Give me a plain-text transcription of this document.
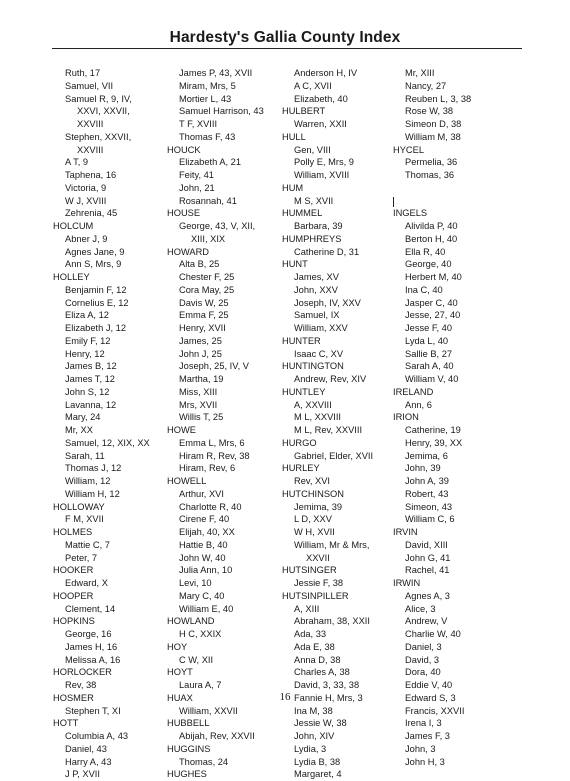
Hardesty's Gallia County Index
Ruth, 17
Samuel, VII
Samuel R, 9, IV,
XXVI, XXVII,
XXVIII
Stephen, XXVII,
XXVIII
A T, 9
Taphena, 16
Victoria, 9
W J, XVIII
Zehrenia, 45
HOLCUM
Abner J, 9
Agnes Jane, 9
Ann S, Mrs, 9
HOLLEY
Benjamin F, 12
Cornelius E, 12
Eliza A, 12
Elizabeth J, 12
Emily F, 12
Henry, 12
James B, 12
James T, 12
John S, 12
Lavanna, 12
Mary, 24
Mr, XX
Samuel, 12, XIX, XX
Sarah, 11
Thomas J, 12
William, 12
William H, 12
HOLLOWAY
F M, XVII
HOLMES
Mattie C, 7
Peter, 7
HOOKER
Edward, X
HOOPER
Clement, 14
HOPKINS
George, 16
James H, 16
Melissa A, 16
HORLOCKER
Rev, 38
HOSMER
Stephen T, XI
HOTT
Columbia A, 43
Daniel, 43
Harry A, 43
J P, XVII
James P, 43, XVII
Miram, Mrs, 5
Mortier L, 43
Samuel Harrison, 43
T F, XVIII
Thomas F, 43
HOUCK
Elizabeth A, 21
Feity, 41
John, 21
Rosannah, 41
HOUSE
George, 43, V, XII,
XIII, XIX
HOWARD
Alta B, 25
Chester F, 25
Cora May, 25
Davis W, 25
Emma F, 25
Henry, XVII
James, 25
John J, 25
Joseph, 25, IV, V
Martha, 19
Miss, XIII
Mrs, XVII
Willis T, 25
HOWE
Emma L, Mrs, 6
Hiram R, Rev, 38
Hiram, Rev, 6
HOWELL
Arthur, XVI
Charlotte R, 40
Cirene F, 40
Elijah, 40, XX
Hattie B, 40
John W, 40
Julia Ann, 10
Levi, 10
Mary C, 40
William E, 40
HOWLAND
H C, XXIX
HOY
C W, XII
HOYT
Laura A, 7
HUAX
William, XXVII
HUBBELL
Abijah, Rev, XXVII
HUGGINS
Thomas, 24
HUGHES
Anderson H, IV
A C, XVII
Elizabeth, 40
HULBERT
Warren, XXII
HULL
Gen, VIII
Polly E, Mrs, 9
William, XVIII
HUM
M S, XVII
HUMMEL
Barbara, 39
HUMPHREYS
Catherine D, 31
HUNT
James, XV
John, XXV
Joseph, IV, XXV
Samuel, IX
William, XXV
HUNTER
Isaac C, XV
HUNTINGTON
Andrew, Rev, XIV
HUNTLEY
A, XXVIII
M L, XXVIII
M L, Rev, XXVIII
HURGO
Gabriel, Elder, XVII
HURLEY
Rev, XVI
HUTCHINSON
Jemima, 39
L D, XXV
W H, XVII
William, Mr & Mrs,
XXVII
HUTSINGER
Jessie F, 38
HUTSINPILLER
A, XIII
Abraham, 38, XXII
Ada, 33
Ada E, 38
Anna D, 38
Charles A, 38
David, 3, 33, 38
Fannie H, Mrs, 3
Ina M, 38
Jessie W, 38
John, XIV
Lydia, 3
Lydia B, 38
Margaret, 4
Mr, XIII
Nancy, 27
Reuben L, 3, 38
Rose W, 38
Simeon D, 38
William M, 38
HYCEL
Permelia, 36
Thomas, 36

INGELS
Alivilda P, 40
Berton H, 40
Ella R, 40
George, 40
Herbert M, 40
Ina C, 40
Jasper C, 40
Jesse, 27, 40
Jesse F, 40
Lyda L, 40
Sallie B, 27
Sarah A, 40
William V, 40
IRELAND
Ann, 6
IRION
Catherine, 19
Henry, 39, XX
Jemima, 6
John, 39
John A, 39
Robert, 43
Simeon, 43
William C, 6
IRVIN
David, XIII
John G, 41
Rachel, 41
IRWIN
Agnes A, 3
Alice, 3
Andrew, V
Charlie W, 40
Daniel, 3
David, 3
Dora, 40
Eddie V, 40
Edward S, 3
Francis, XXVII
Irena I, 3
James F, 3
John, 3
John H, 3
16
